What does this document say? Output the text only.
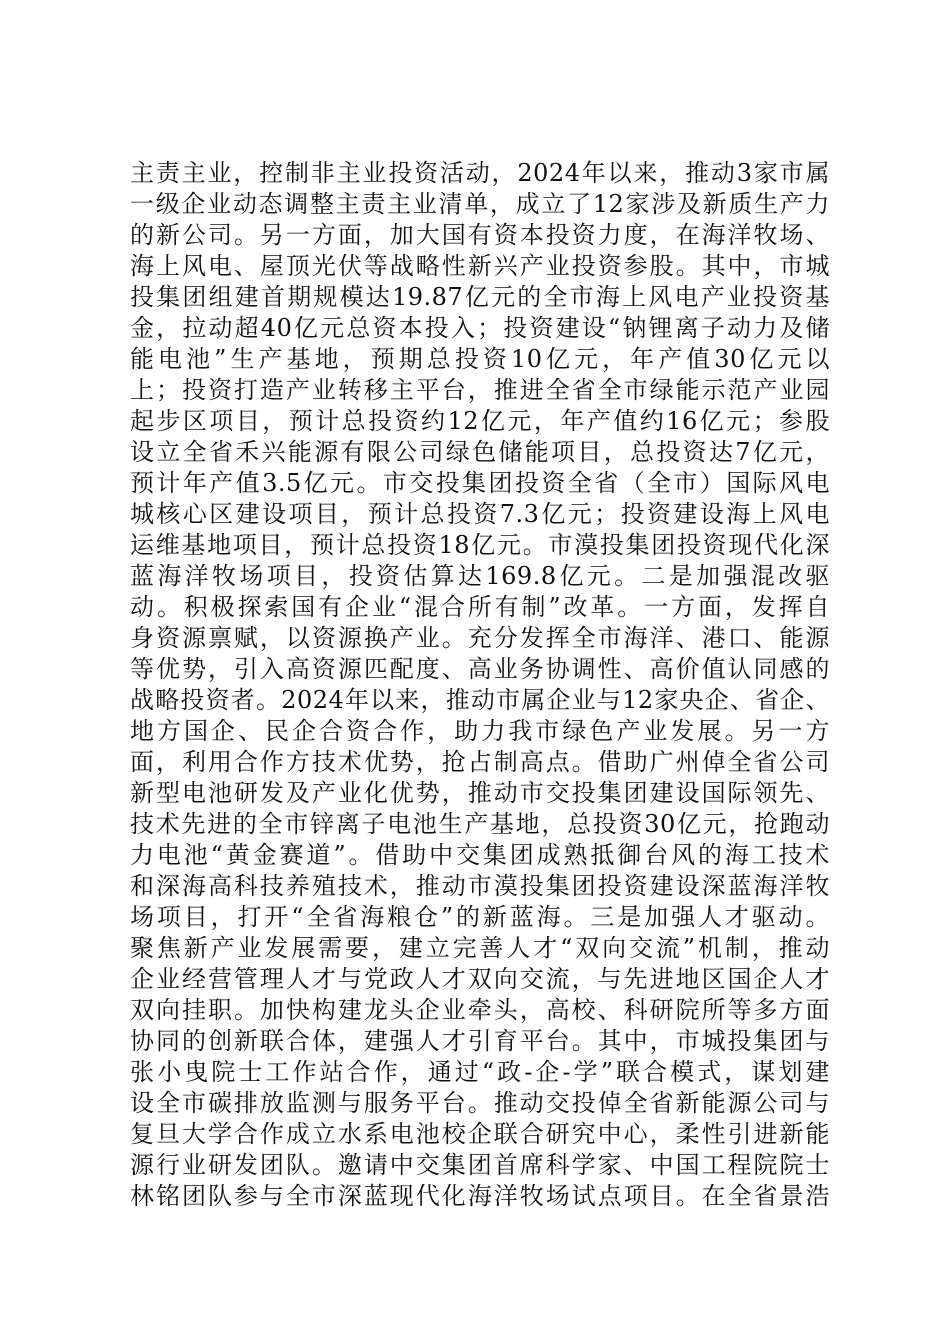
主责主业，控制非主业投资活动，2024年以来，推动3家市属
一级企业动态调整主责主业清单，成立了12家涉及新质生产力
的新公司。另一方面，加大国有资本投资力度，在海洋牧场、
海上风电、屋顶光伏等战略性新兴产业投资参股。其中，市城
投集团组建首期规模达19.87亿元的全市海上风电产业投资基
金，拉动超40亿元总资本投入；投资建设“钠锂离子动力及储
能电池”生产基地，预期总投资10亿元，年产值30亿元以
上；投资打造产业转移主平台，推进全省全市绿能示范产业园
起步区项目，预计总投资约12亿元，年产值约16亿元；参股
设立全省禾兴能源有限公司绿色储能项目，总投资达7亿元，
预计年产值3.5亿元。市交投集团投资全省（全市）国际风电
城核心区建设项目，预计总投资7.3亿元；投资建设海上风电
运维基地项目，预计总投资18亿元。市漠投集团投资现代化深
蓝海洋牧场项目，投资估算达169.8亿元。二是加强混改驱
动。积极探索国有企业“混合所有制”改革。一方面，发挥自
身资源禀赋，以资源换产业。充分发挥全市海洋、港口、能源
等优势，引入高资源匹配度、高业务协调性、高价值认同感的
战略投资者。2024年以来，推动市属企业与12家央企、省企、
地方国企、民企合资合作，助力我市绿色产业发展。另一方
面，利用合作方技术优势，抢占制高点。借助广州倬全省公司
新型电池研发及产业化优势，推动市交投集团建设国际领先、
技术先进的全市锌离子电池生产基地，总投资30亿元，抢跑动
力电池“黄金赛道”。借助中交集团成熟抵御台风的海工技术
和深海高科技养殖技术，推动市漠投集团投资建设深蓝海洋牧
场项目，打开“全省海粮仓”的新蓝海。三是加强人才驱动。
聚焦新产业发展需要，建立完善人才“双向交流”机制，推动
企业经营管理人才与党政人才双向交流，与先进地区国企人才
双向挂职。加快构建龙头企业牵头，高校、科研院所等多方面
协同的创新联合体，建强人才引育平台。其中，市城投集团与
张小曳院士工作站合作，通过“政-企-学”联合模式，谋划建
设全市碳排放监测与服务平台。推动交投倬全省新能源公司与
复旦大学合作成立水系电池校企联合研究中心，柔性引进新能
源行业研发团队。邀请中交集团首席科学家、中国工程院院士
林铭团队参与全市深蓝现代化海洋牧场试点项目。在全省景浩
